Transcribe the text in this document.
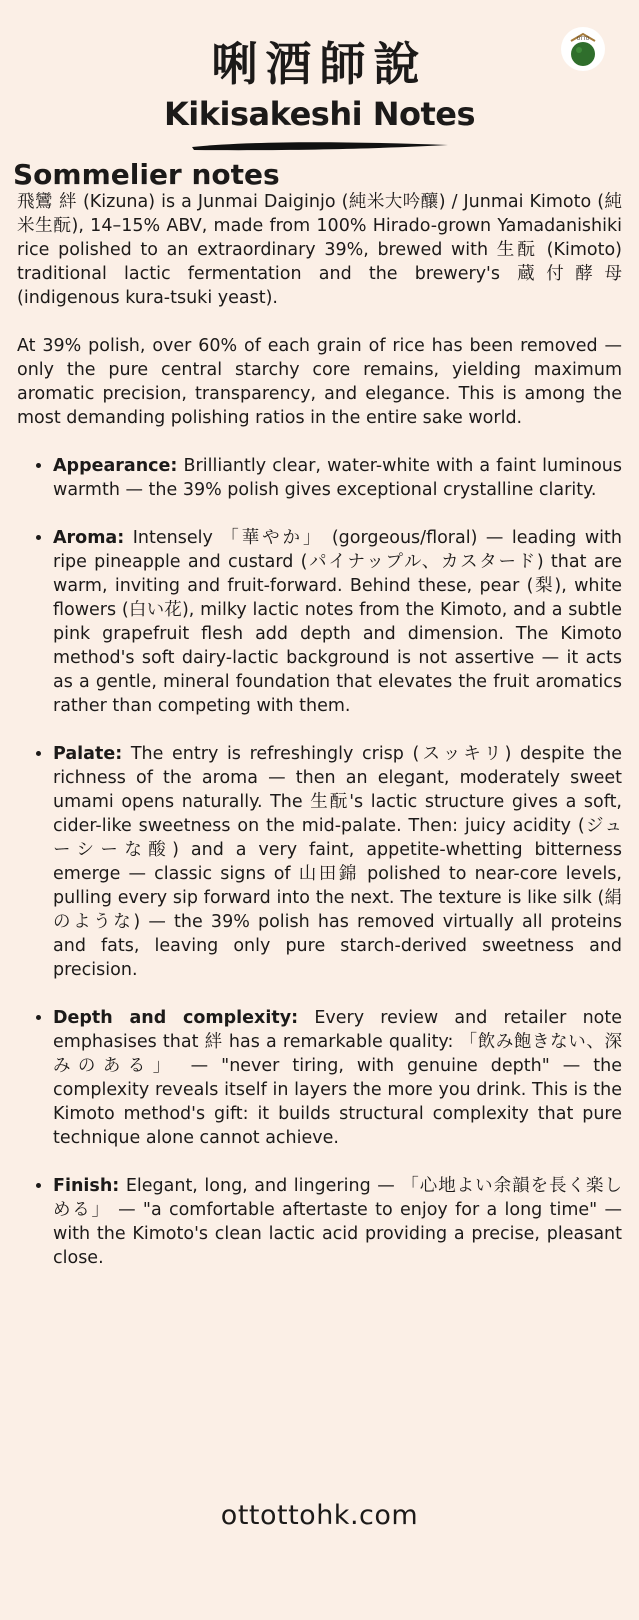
OTTO
唎酒師說
Kikisakeshi Notes
Sommelier notes

飛鸞 絆 (Kizuna) is a Junmai Daiginjo (純米大吟釀) / Junmai Kimoto (純米生酛), 14–15% ABV, made from 100% Hirado-grown Yamadanishiki rice polished to an extraordinary 39%, brewed with 生酛 (Kimoto) traditional lactic fermentation and the brewery's 蔵付酵母 (indigenous kura-tsuki yeast).

At 39% polish, over 60% of each grain of rice has been removed — only the pure central starchy core remains, yielding maximum aromatic precision, transparency, and elegance. This is among the most demanding polishing ratios in the entire sake world.

• Appearance: Brilliantly clear, water-white with a faint luminous warmth — the 39% polish gives exceptional crystalline clarity.
• Aroma: Intensely 「華やか」 (gorgeous/floral) — leading with ripe pineapple and custard (パイナップル、カスタード) that are warm, inviting and fruit-forward. Behind these, pear (梨), white flowers (白い花), milky lactic notes from the Kimoto, and a subtle pink grapefruit flesh add depth and dimension. The Kimoto method's soft dairy-lactic background is not assertive — it acts as a gentle, mineral foundation that elevates the fruit aromatics rather than competing with them.
• Palate: The entry is refreshingly crisp (スッキリ) despite the richness of the aroma — then an elegant, moderately sweet umami opens naturally. The 生酛's lactic structure gives a soft, cider-like sweetness on the mid-palate. Then: juicy acidity (ジューシーな酸) and a very faint, appetite-whetting bitterness emerge — classic signs of 山田錦 polished to near-core levels, pulling every sip forward into the next. The texture is like silk (絹のような) — the 39% polish has removed virtually all proteins and fats, leaving only pure starch-derived sweetness and precision.
• Depth and complexity: Every review and retailer note emphasises that 絆 has a remarkable quality: 「飲み飽きない、深みのある」 — "never tiring, with genuine depth" — the complexity reveals itself in layers the more you drink. This is the Kimoto method's gift: it builds structural complexity that pure technique alone cannot achieve.
• Finish: Elegant, long, and lingering — 「心地よい余韻を長く楽しめる」 — "a comfortable aftertaste to enjoy for a long time" — with the Kimoto's clean lactic acid providing a precise, pleasant close.
ottottohk.com
